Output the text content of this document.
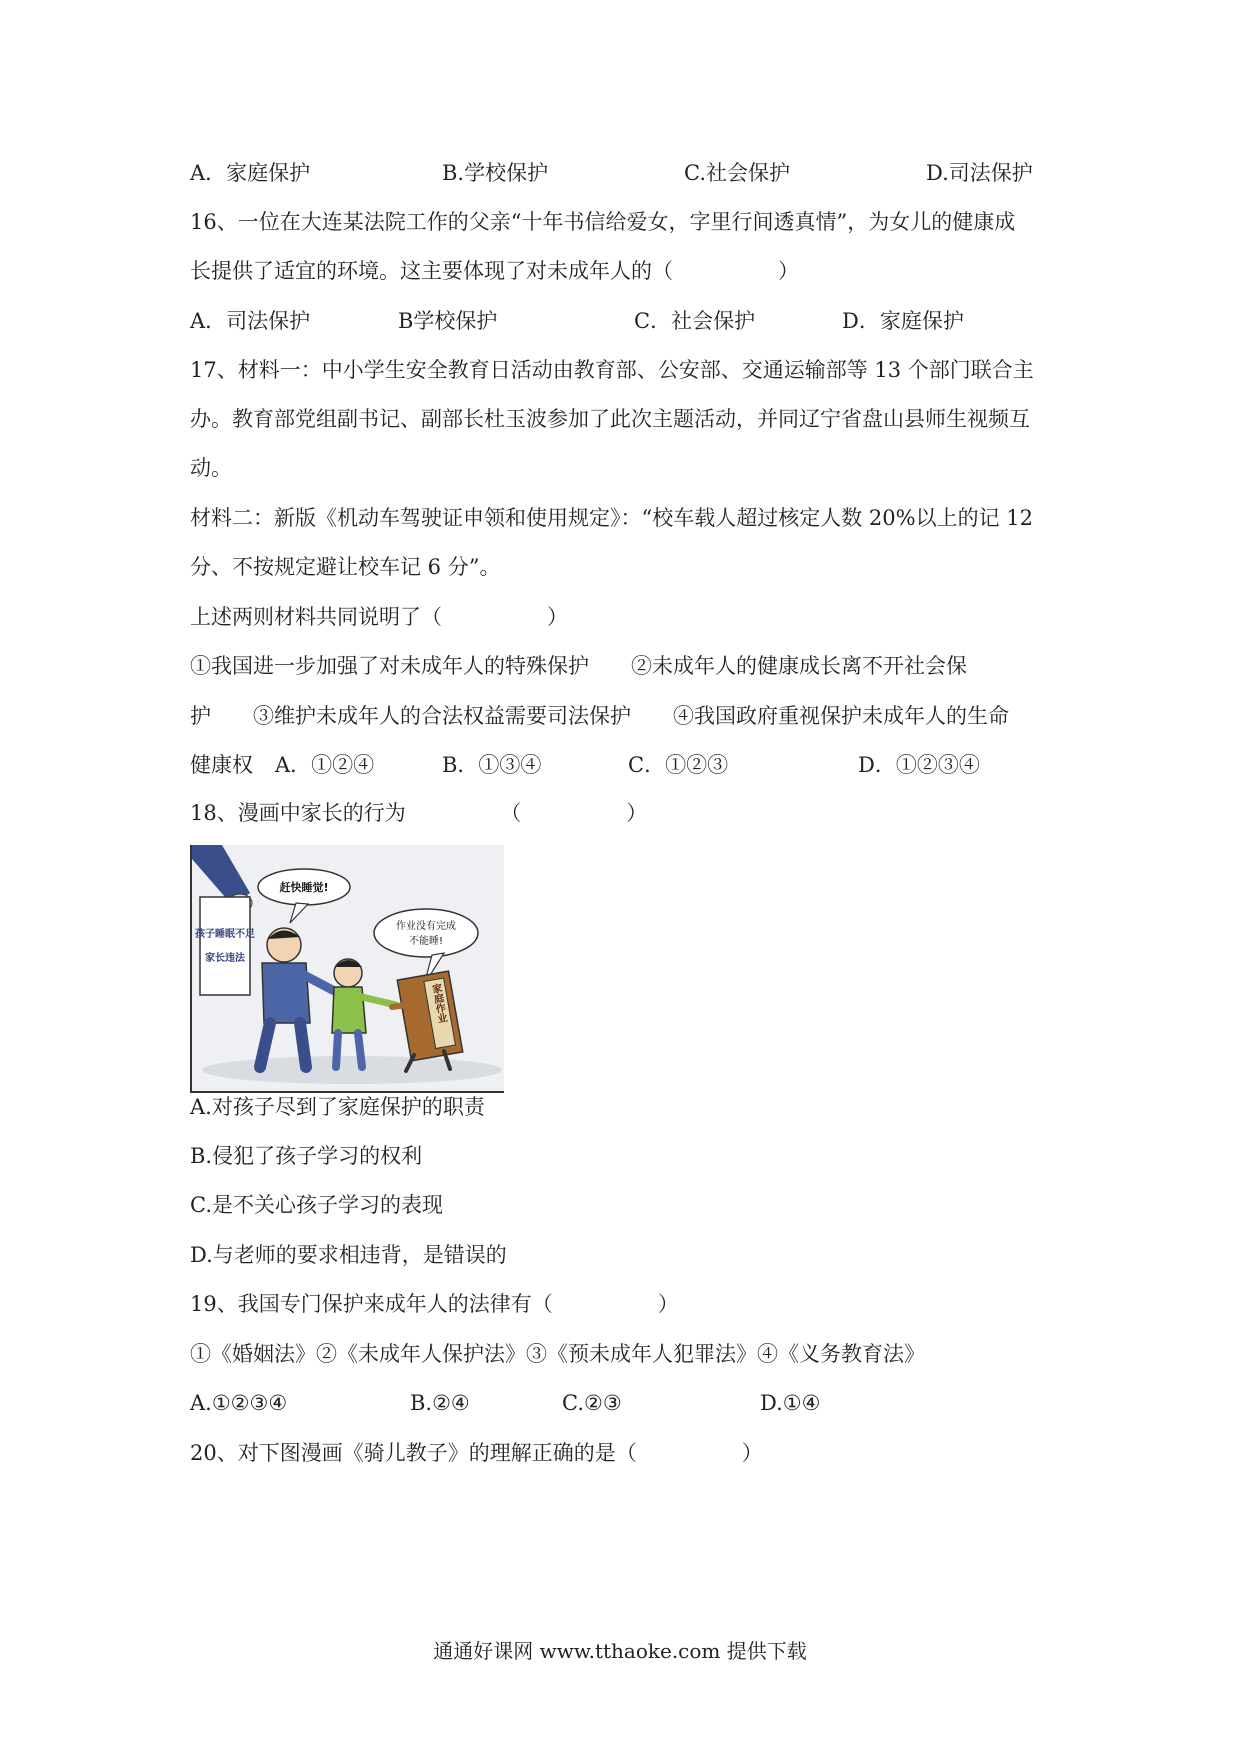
A．家庭保护	B.学校保护	C.社会保护	D.司法保护
16、一位在大连某法院工作的父亲“十年书信给爱女，字里行间透真情”，为女儿的健康成
长提供了适宜的环境。这主要体现了对未成年人的（　　　　　）
A．司法保护	B学校保护	C．社会保护	D．家庭保护
17、材料一：中小学生安全教育日活动由教育部、公安部、交通运输部等 13 个部门联合主
办。教育部党组副书记、副部长杜玉波参加了此次主题活动，并同辽宁省盘山县师生视频互
动。
材料二：新版《机动车驾驶证申领和使用规定》：“校车载人超过核定人数 20%以上的记 12
分、不按规定避让校车记 6 分”。
上述两则材料共同说明了（　　　　　）
①我国进一步加强了对未成年人的特殊保护　　②未成年人的健康成长离不开社会保
护　　③维护未成年人的合法权益需要司法保护　　④我国政府重视保护未成年人的生命
健康权 A．①②④	B．①③④	C．①②③	D．①②③④
18、漫画中家长的行为　　　　　（　　　　　）
孩子睡眠不足
家长违法
赶快睡觉!
作业没有完成
不能睡!
家庭作业
A.对孩子尽到了家庭保护的职责
B.侵犯了孩子学习的权利
C.是不关心孩子学习的表现
D.与老师的要求相违背，是错误的
19、我国专门保护来成年人的法律有（　　　　　）
①《婚姻法》②《未成年人保护法》③《预未成年人犯罪法》④《义务教育法》
A.①②③④	B.②④	C.②③	D.①④
20、对下图漫画《骑儿教子》的理解正确的是（　　　　　）
通通好课网 www.tthaoke.com 提供下载
